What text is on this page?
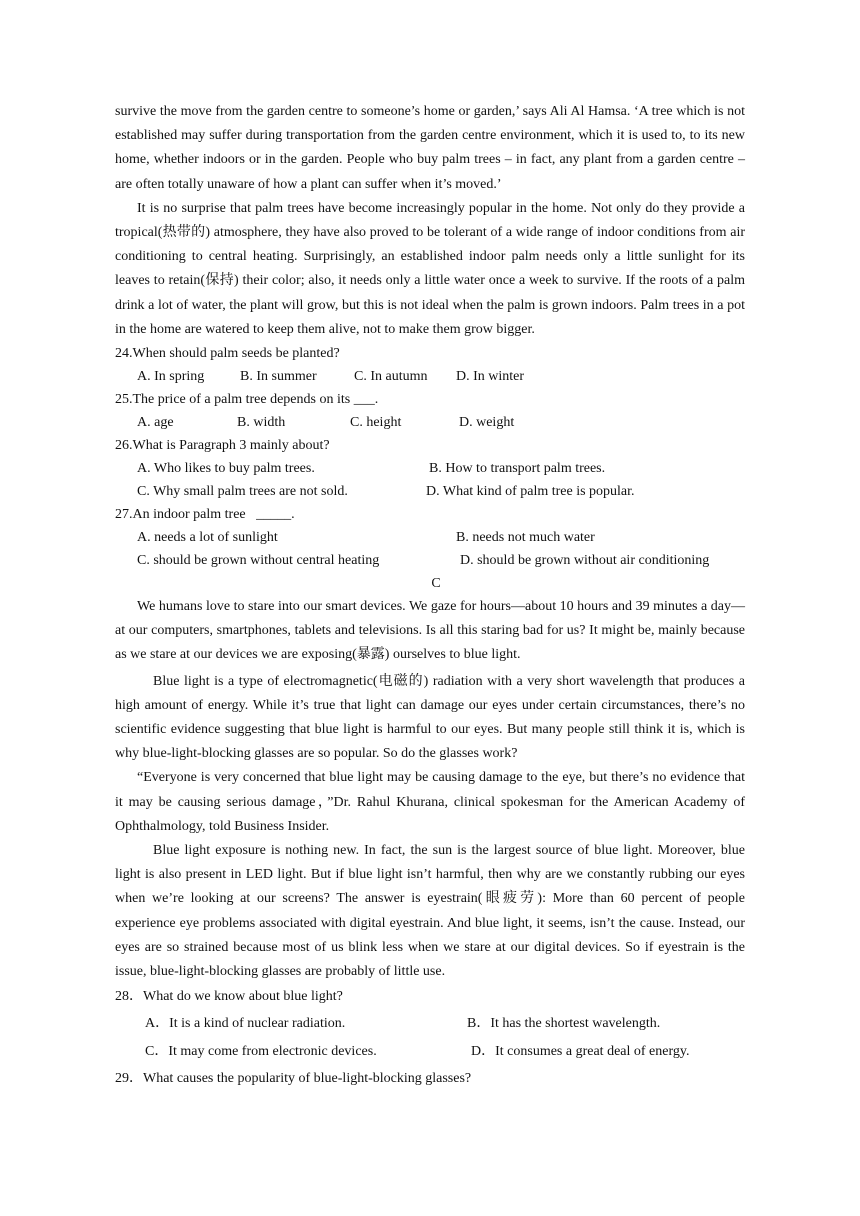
survive the move from the garden centre to someone’s home or garden,’ says Ali Al Hamsa. ‘A tree which is not established may suffer during transportation from the garden centre environment, which it is used to, to its new home, whether indoors or in the garden. People who buy palm trees – in fact, any plant from a garden centre – are often totally unaware of how a plant can suffer when it’s moved.’

It is no surprise that palm trees have become increasingly popular in the home. Not only do they provide a tropical(热带的) atmosphere, they have also proved to be tolerant of a wide range of indoor conditions from air conditioning to central heating. Surprisingly, an established indoor palm needs only a little sunlight for its leaves to retain(保持) their color; also, it needs only a little water once a week to survive. If the roots of a palm drink a lot of water, the plant will grow, but this is not ideal when the palm is grown indoors. Palm trees in a pot in the home are watered to keep them alive, not to make them grow bigger.

24.When should palm seeds be planted?

A. In spring	B. In summer	C. In autumn D. In winter

25.The price of a palm tree depends on its ___.

A. age	B. width	C. height	D. weight

26.What is Paragraph 3 mainly about?

A. Who likes to buy palm trees.	B. How to transport palm trees.
C. Why small palm trees are not sold.	D. What kind of palm tree is popular.

27.An indoor palm tree   _____.

A. needs a lot of sunlight	B. needs not much water
C. should be grown without central heating	D. should be grown without air conditioning

C

We humans love to stare into our smart devices. We gaze for hours—about 10 hours and 39 minutes a day—at our computers, smartphones, tablets and televisions. Is all this staring bad for us? It might be, mainly because as we stare at our devices we are exposing(暴露) ourselves to blue light.

Blue light is a type of electromagnetic(电磁的) radiation with a very short wavelength that produces a high amount of energy. While it’s true that light can damage our eyes under certain circumstances, there’s no scientific evidence suggesting that blue light is harmful to our eyes. But many people still think it is, which is why blue-light-blocking glasses are so popular. So do the glasses work?

“Everyone is very concerned that blue light may be causing damage to the eye, but there’s no evidence that it may be causing serious damage，”Dr. Rahul Khurana, clinical spokesman for the American Academy of Ophthalmology, told Business Insider.

Blue light exposure is nothing new. In fact, the sun is the largest source of blue light. Moreover, blue light is also present in LED light. But if blue light isn’t harmful, then why are we constantly rubbing our eyes when we’re looking at our screens? The answer is eyestrain(眼疲劳): More than 60 percent of people experience eye problems associated with digital eyestrain. And blue light, it seems, isn’t the cause. Instead, our eyes are so strained because most of us blink less when we stare at our digital devices. So if eyestrain is the issue, blue-light-blocking glasses are probably of little use.

28．What do we know about blue light?

A．It is a kind of nuclear radiation.	B．It has the shortest wavelength.
C．It may come from electronic devices.	D．It consumes a great deal of energy.

29．What causes the popularity of blue-light-blocking glasses?
